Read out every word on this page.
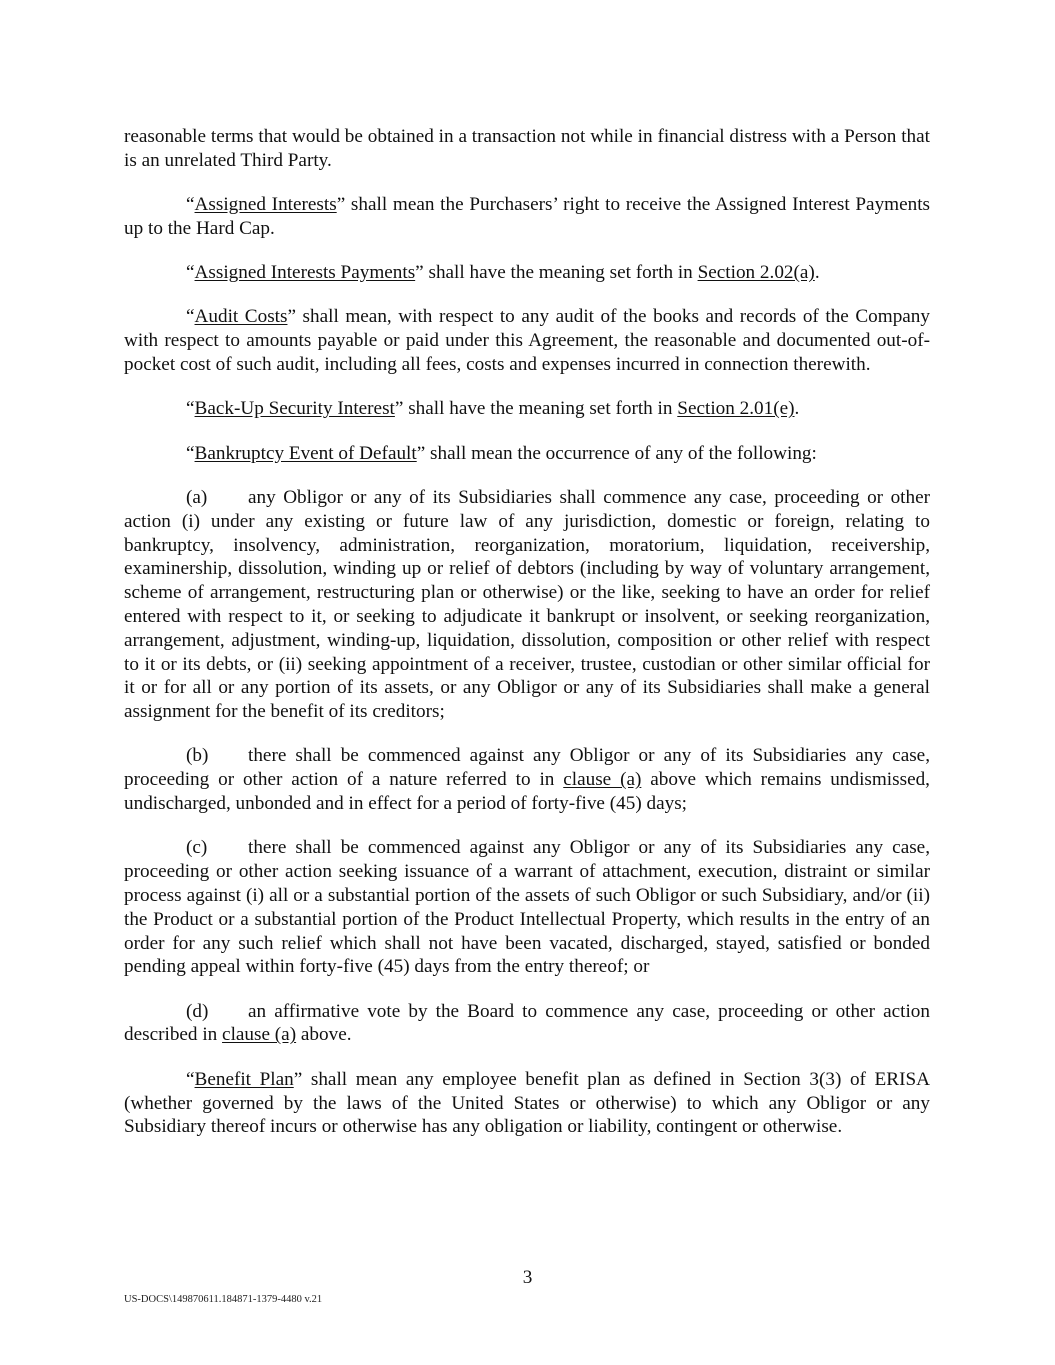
reasonable terms that would be obtained in a transaction not while in financial distress with a Person that is an unrelated Third Party.

“Assigned Interests” shall mean the Purchasers’ right to receive the Assigned Interest Payments up to the Hard Cap.

“Assigned Interests Payments” shall have the meaning set forth in Section 2.02(a).

“Audit Costs” shall mean, with respect to any audit of the books and records of the Company with respect to amounts payable or paid under this Agreement, the reasonable and documented out-of-pocket cost of such audit, including all fees, costs and expenses incurred in connection therewith.

“Back-Up Security Interest” shall have the meaning set forth in Section 2.01(e).

“Bankruptcy Event of Default” shall mean the occurrence of any of the following:

(a) any Obligor or any of its Subsidiaries shall commence any case, proceeding or other action (i) under any existing or future law of any jurisdiction, domestic or foreign, relating to bankruptcy, insolvency, administration, reorganization, moratorium, liquidation, receivership, examinership, dissolution, winding up or relief of debtors (including by way of voluntary arrangement, scheme of arrangement, restructuring plan or otherwise) or the like, seeking to have an order for relief entered with respect to it, or seeking to adjudicate it bankrupt or insolvent, or seeking reorganization, arrangement, adjustment, winding-up, liquidation, dissolution, composition or other relief with respect to it or its debts, or (ii) seeking appointment of a receiver, trustee, custodian or other similar official for it or for all or any portion of its assets, or any Obligor or any of its Subsidiaries shall make a general assignment for the benefit of its creditors;

(b) there shall be commenced against any Obligor or any of its Subsidiaries any case, proceeding or other action of a nature referred to in clause (a) above which remains undismissed, undischarged, unbonded and in effect for a period of forty-five (45) days;

(c) there shall be commenced against any Obligor or any of its Subsidiaries any case, proceeding or other action seeking issuance of a warrant of attachment, execution, distraint or similar process against (i) all or a substantial portion of the assets of such Obligor or such Subsidiary, and/or (ii) the Product or a substantial portion of the Product Intellectual Property, which results in the entry of an order for any such relief which shall not have been vacated, discharged, stayed, satisfied or bonded pending appeal within forty-five (45) days from the entry thereof; or

(d) an affirmative vote by the Board to commence any case, proceeding or other action described in clause (a) above.

“Benefit Plan” shall mean any employee benefit plan as defined in Section 3(3) of ERISA (whether governed by the laws of the United States or otherwise) to which any Obligor or any Subsidiary thereof incurs or otherwise has any obligation or liability, contingent or otherwise.

3
US-DOCS\149870611.184871-1379-4480 v.21
